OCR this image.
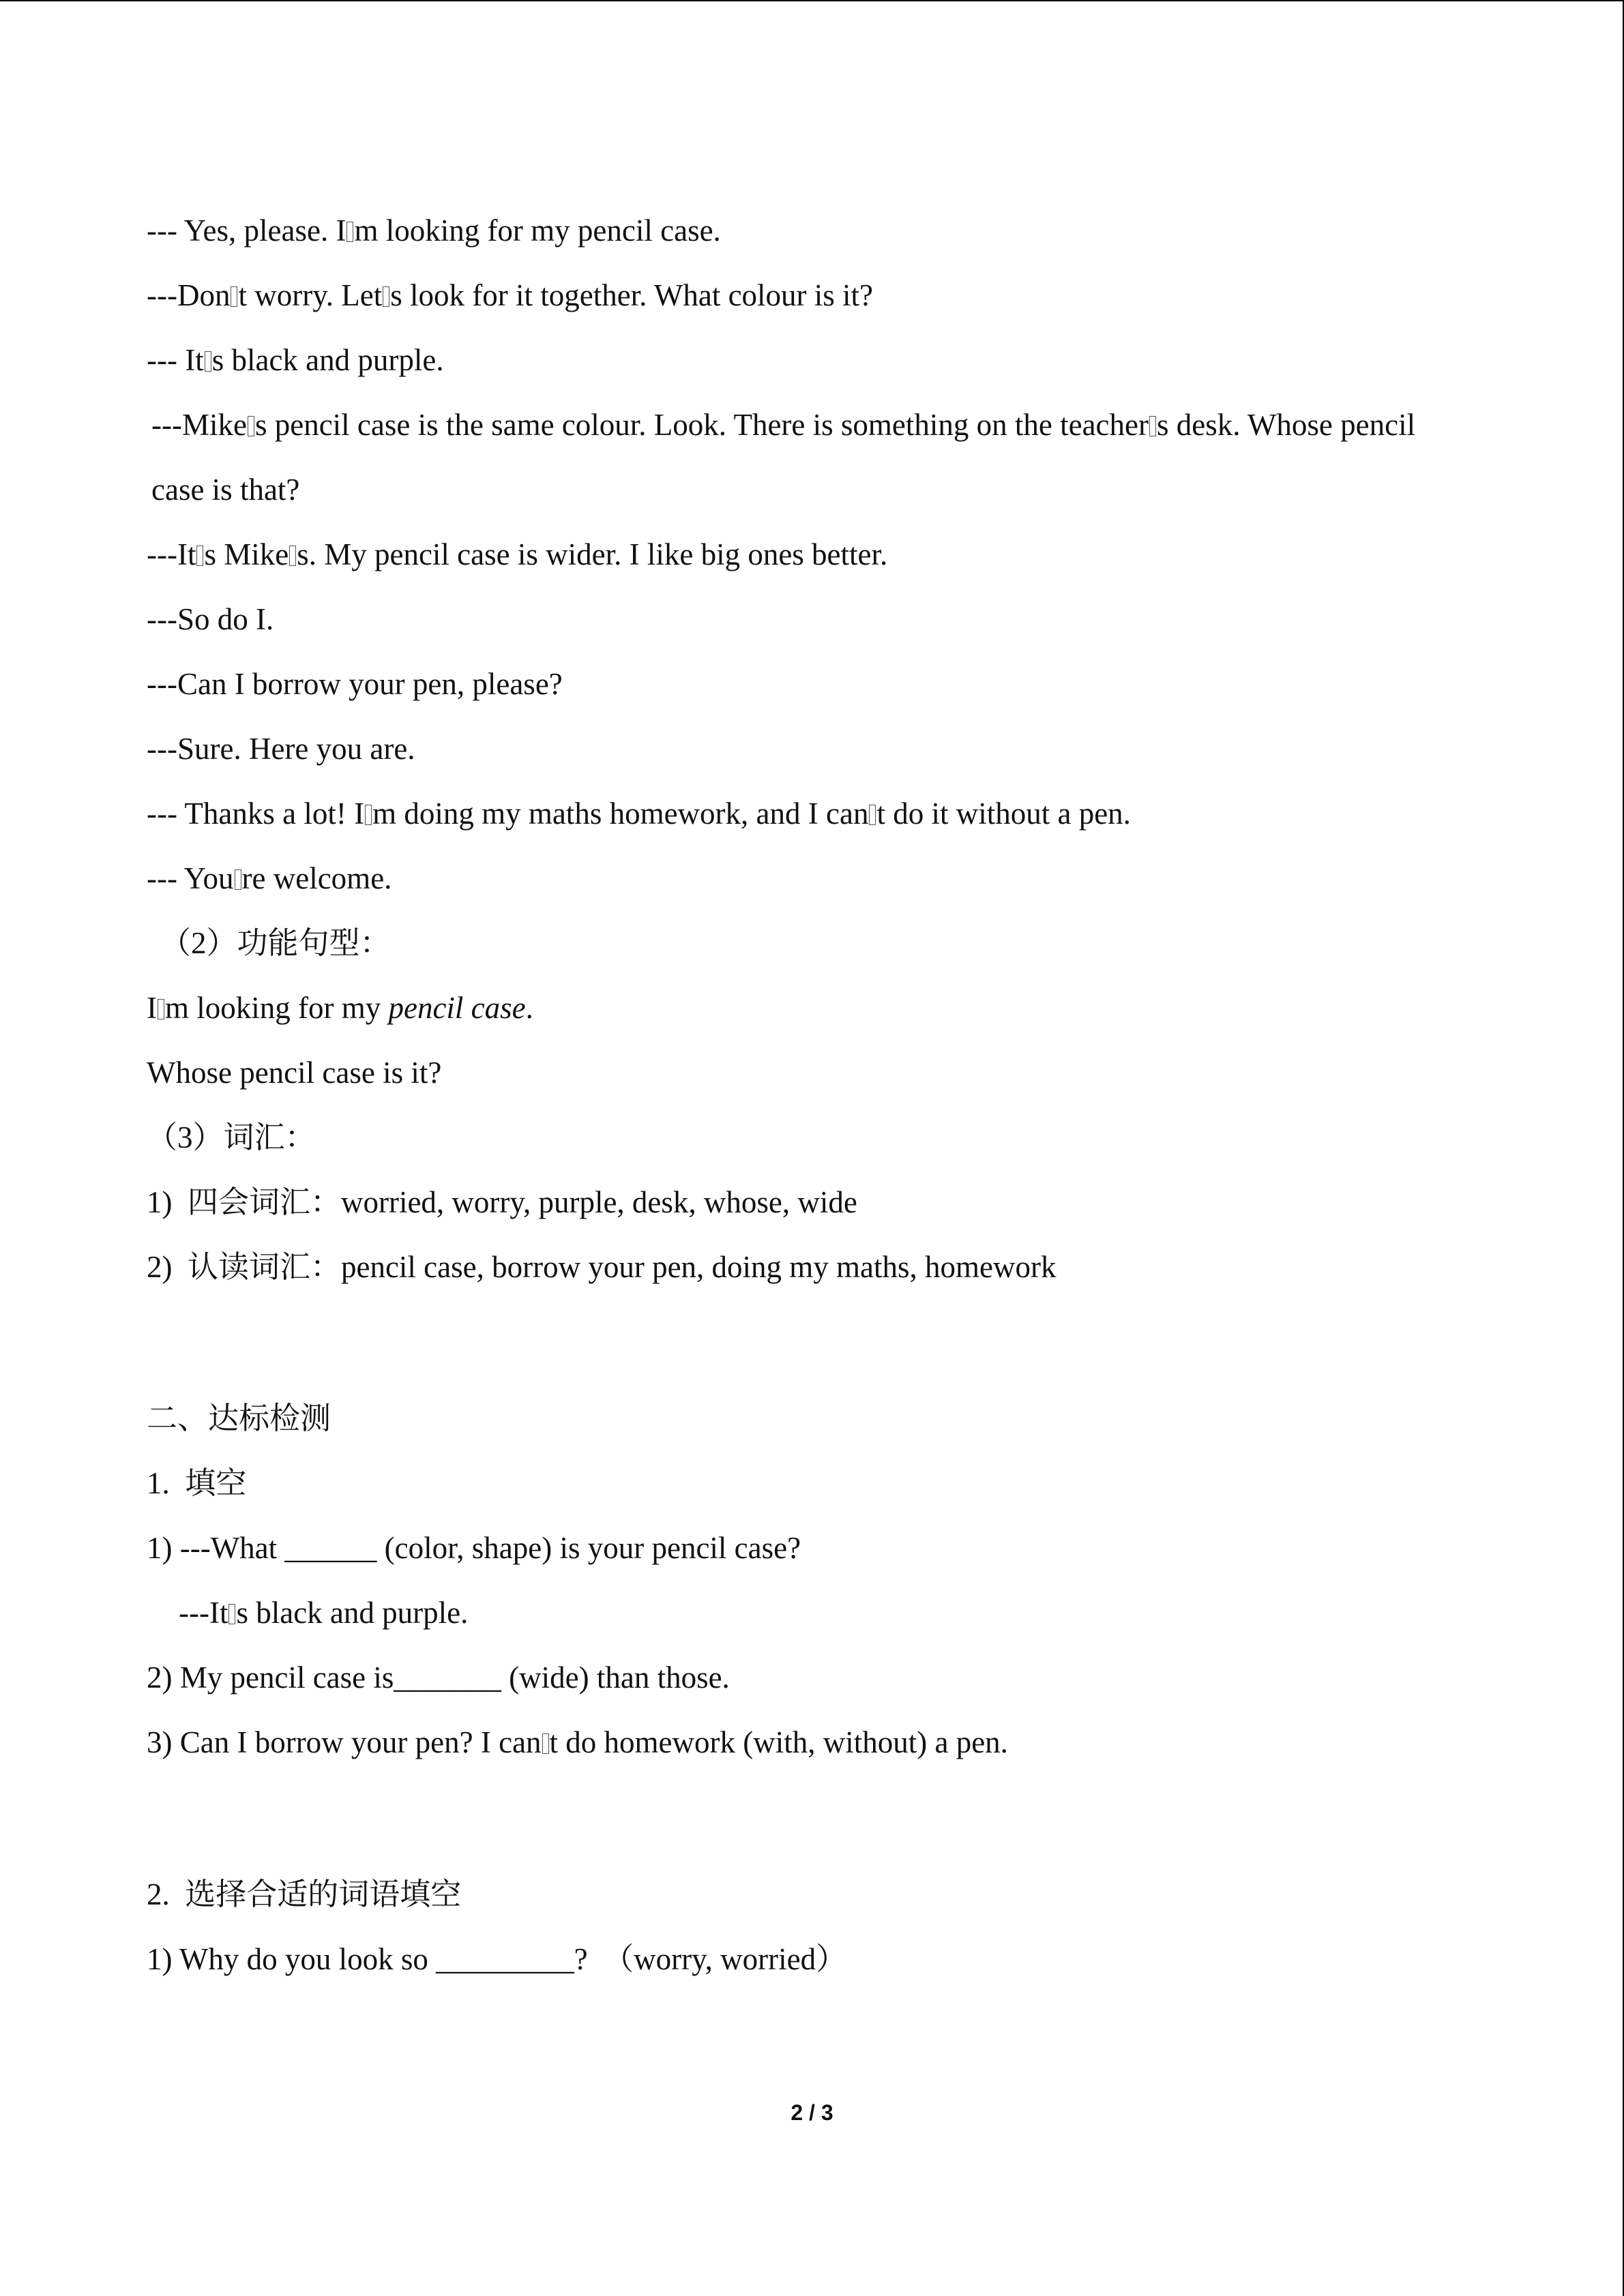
--- Yes, please. I m looking for my pencil case.
---Don t worry. Let s look for it together. What colour is it?
--- It s black and purple.
---Mike s pencil case is the same colour. Look. There is something on the teacher s desk. Whose pencil
case is that?
---It s Mike s. My pencil case is wider. I like big ones better.
---So do I.
---Can I borrow your pen, please?
---Sure. Here you are.
--- Thanks a lot! I m doing my maths homework, and I can t do it without a pen.
--- You re welcome.
（2）功能句型：
I m looking for my pencil case.
Whose pencil case is it?
（3）词汇：
1)  四会词汇：worried, worry, purple, desk, whose, wide
2)  认读词汇：pencil case, borrow your pen, doing my maths, homework
二、达标检测
1.  填空
1) ---What ______ (color, shape) is your pencil case?
---It s black and purple.
2) My pencil case is_______ (wide) than those.
3) Can I borrow your pen? I can t do homework (with, without) a pen.
2.  选择合适的词语填空
1) Why do you look so _________?  （worry, worried）
2 / 3
